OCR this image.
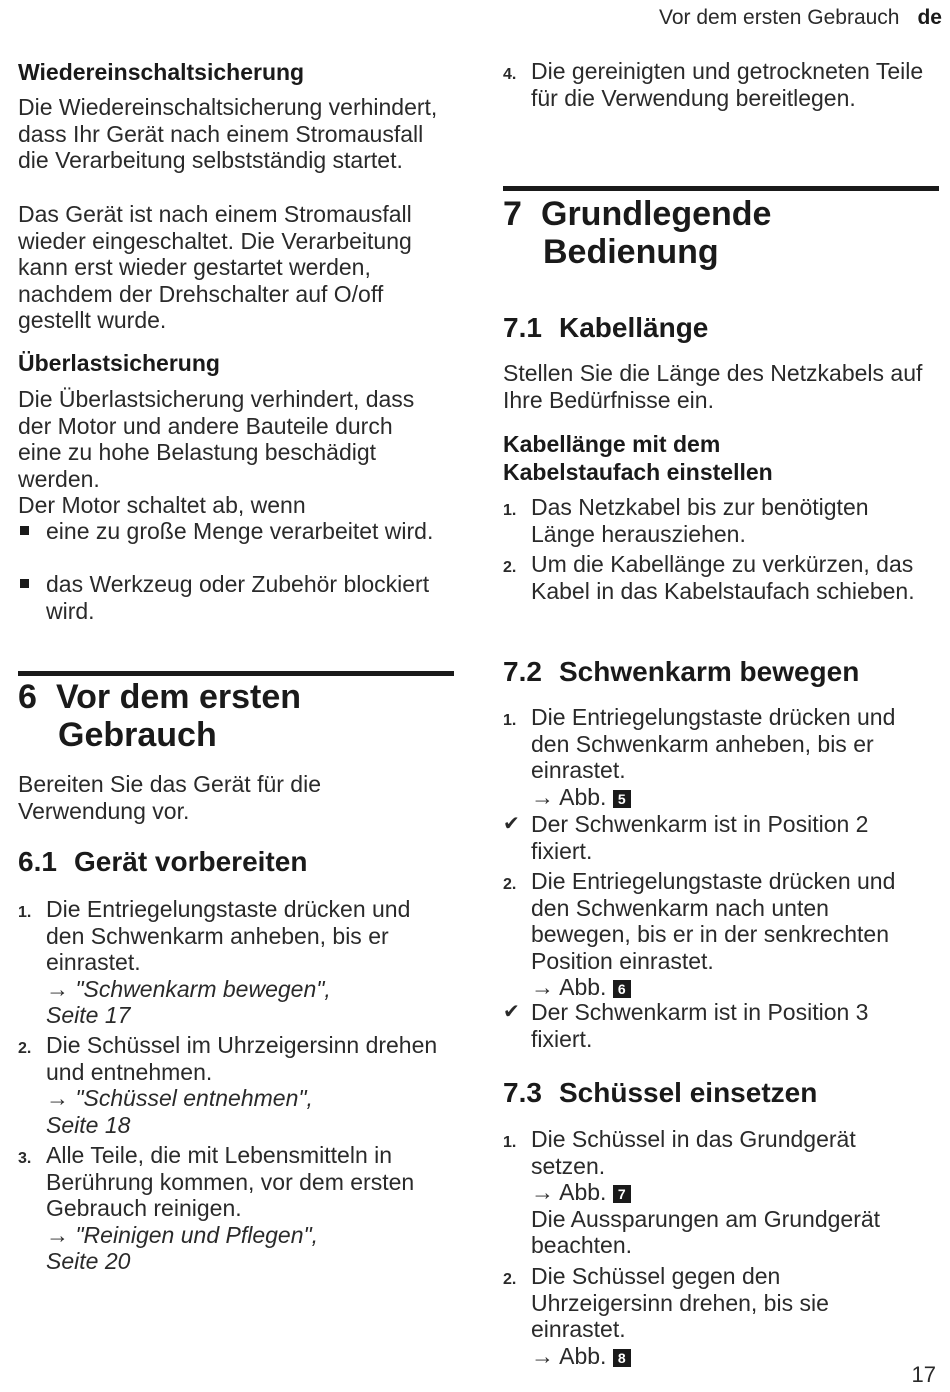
Vor dem ersten Gebrauch de
Wiedereinschaltsicherung

Die Wiedereinschaltsicherung verhindert, dass Ihr Gerät nach einem Stromausfall die Verarbeitung selbstständig startet.

Das Gerät ist nach einem Stromausfall wieder eingeschaltet. Die Verarbeitung kann erst wieder gestartet werden, nachdem der Drehschalter auf O/off gestellt wurde.

Überlastsicherung

Die Überlastsicherung verhindert, dass der Motor und andere Bauteile durch eine zu hohe Belastung beschädigt werden.

Der Motor schaltet ab, wenn

eine zu große Menge verarbeitet wird.
das Werkzeug oder Zubehör blockiert wird.
6 Vor dem ersten
Gebrauch

Bereiten Sie das Gerät für die Verwendung vor.

6.1 Gerät vorbereiten
1. Die Entriegelungstaste drücken und den Schwenkarm anheben, bis er einrastet.
→ "Schwenkarm bewegen", Seite 17
2. Die Schüssel im Uhrzeigersinn drehen und entnehmen.
→ "Schüssel entnehmen", Seite 18
3. Alle Teile, die mit Lebensmitteln in Berührung kommen, vor dem ersten Gebrauch reinigen.
→ "Reinigen und Pflegen", Seite 20
4. Die gereinigten und getrockneten Teile für die Verwendung bereitlegen.
7 Grundlegende
Bedienung
7.1 Kabellänge

Stellen Sie die Länge des Netzkabels auf Ihre Bedürfnisse ein.

Kabellänge mit dem Kabelstaufach einstellen
1. Das Netzkabel bis zur benötigten Länge herausziehen.
2. Um die Kabellänge zu verkürzen, das Kabel in das Kabelstaufach schieben.
7.2 Schwenkarm bewegen
1. Die Entriegelungstaste drücken und den Schwenkarm anheben, bis er einrastet.
→ Abb. 5
✔ Der Schwenkarm ist in Position 2 fixiert.
2. Die Entriegelungstaste drücken und den Schwenkarm nach unten bewegen, bis er in der senkrechten Position einrastet.
→ Abb. 6
✔ Der Schwenkarm ist in Position 3 fixiert.
7.3 Schüssel einsetzen
1. Die Schüssel in das Grundgerät setzen.
→ Abb. 7
Die Aussparungen am Grundgerät beachten.
2. Die Schüssel gegen den Uhrzeigersinn drehen, bis sie einrastet.
→ Abb. 8
17
